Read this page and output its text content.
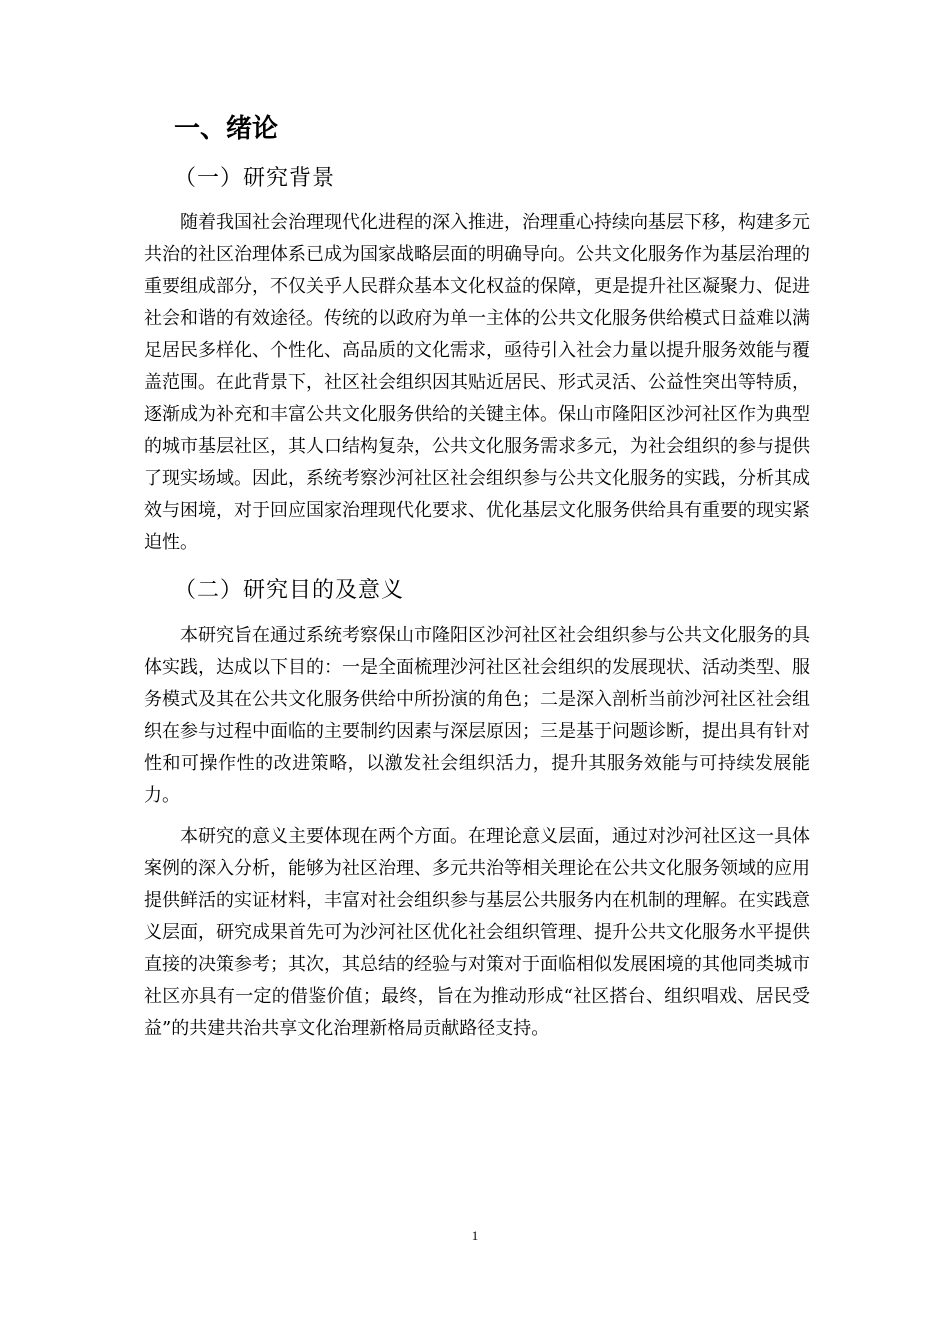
一、绪论
（一）研究背景

随着我国社会治理现代化进程的深入推进，治理重心持续向基层下移，构建多元共治的社区治理体系已成为国家战略层面的明确导向。公共文化服务作为基层治理的重要组成部分，不仅关乎人民群众基本文化权益的保障，更是提升社区凝聚力、促进社会和谐的有效途径。传统的以政府为单一主体的公共文化服务供给模式日益难以满足居民多样化、个性化、高品质的文化需求，亟待引入社会力量以提升服务效能与覆盖范围。在此背景下，社区社会组织因其贴近居民、形式灵活、公益性突出等特质，逐渐成为补充和丰富公共文化服务供给的关键主体。保山市隆阳区沙河社区作为典型的城市基层社区，其人口结构复杂，公共文化服务需求多元，为社会组织的参与提供了现实场域。因此，系统考察沙河社区社会组织参与公共文化服务的实践，分析其成效与困境，对于回应国家治理现代化要求、优化基层文化服务供给具有重要的现实紧迫性。

（二）研究目的及意义

本研究旨在通过系统考察保山市隆阳区沙河社区社会组织参与公共文化服务的具体实践，达成以下目的：一是全面梳理沙河社区社会组织的发展现状、活动类型、服务模式及其在公共文化服务供给中所扮演的角色；二是深入剖析当前沙河社区社会组织在参与过程中面临的主要制约因素与深层原因；三是基于问题诊断，提出具有针对性和可操作性的改进策略，以激发社会组织活力，提升其服务效能与可持续发展能力。

本研究的意义主要体现在两个方面。在理论意义层面，通过对沙河社区这一具体案例的深入分析，能够为社区治理、多元共治等相关理论在公共文化服务领域的应用提供鲜活的实证材料，丰富对社会组织参与基层公共服务内在机制的理解。在实践意义层面，研究成果首先可为沙河社区优化社会组织管理、提升公共文化服务水平提供直接的决策参考；其次，其总结的经验与对策对于面临相似发展困境的其他同类城市社区亦具有一定的借鉴价值；最终，旨在为推动形成“社区搭台、组织唱戏、居民受益”的共建共治共享文化治理新格局贡献路径支持。

1
